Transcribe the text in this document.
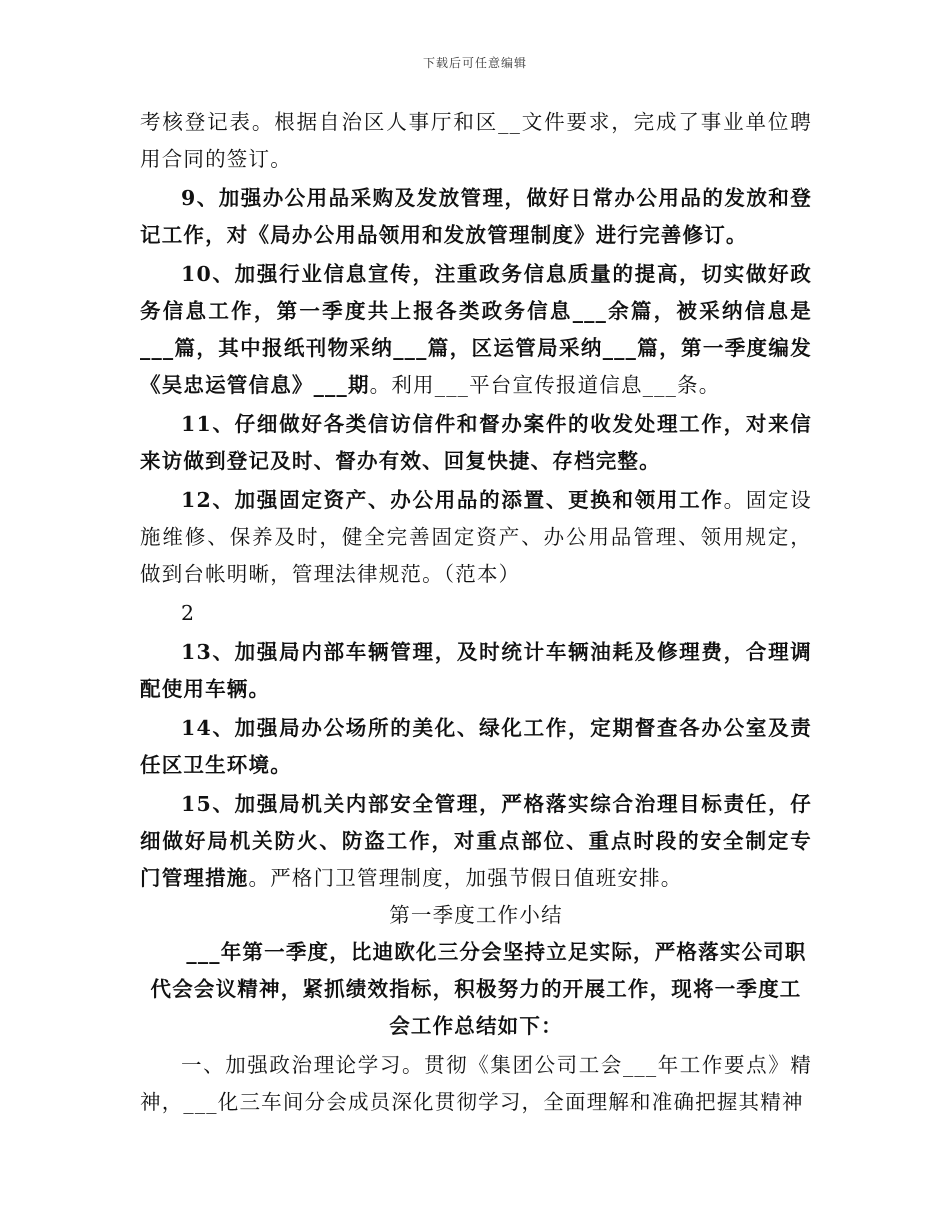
下载后可任意编辑

考核登记表。根据自治区人事厅和区__文件要求，完成了事业单位聘用合同的签订。

9、加强办公用品采购及发放管理，做好日常办公用品的发放和登记工作，对《局办公用品领用和发放管理制度》进行完善修订。

10、加强行业信息宣传，注重政务信息质量的提高，切实做好政务信息工作，第一季度共上报各类政务信息___余篇，被采纳信息是___篇，其中报纸刊物采纳___篇，区运管局采纳___篇，第一季度编发《吴忠运管信息》___期。利用___平台宣传报道信息___条。

11、仔细做好各类信访信件和督办案件的收发处理工作，对来信来访做到登记及时、督办有效、回复快捷、存档完整。

12、加强固定资产、办公用品的添置、更换和领用工作。固定设施维修、保养及时，健全完善固定资产、办公用品管理、领用规定，做到台帐明晰，管理法律规范。（范本）

2

13、加强局内部车辆管理，及时统计车辆油耗及修理费，合理调配使用车辆。

14、加强局办公场所的美化、绿化工作，定期督查各办公室及责任区卫生环境。

15、加强局机关内部安全管理，严格落实综合治理目标责任，仔细做好局机关防火、防盗工作，对重点部位、重点时段的安全制定专门管理措施。严格门卫管理制度，加强节假日值班安排。

第一季度工作小结

___年第一季度，比迪欧化三分会坚持立足实际，严格落实公司职代会会议精神，紧抓绩效指标，积极努力的开展工作，现将一季度工会工作总结如下：

一、加强政治理论学习。贯彻《集团公司工会___年工作要点》精神，___化三车间分会成员深化贯彻学习，全面理解和准确把握其精神
